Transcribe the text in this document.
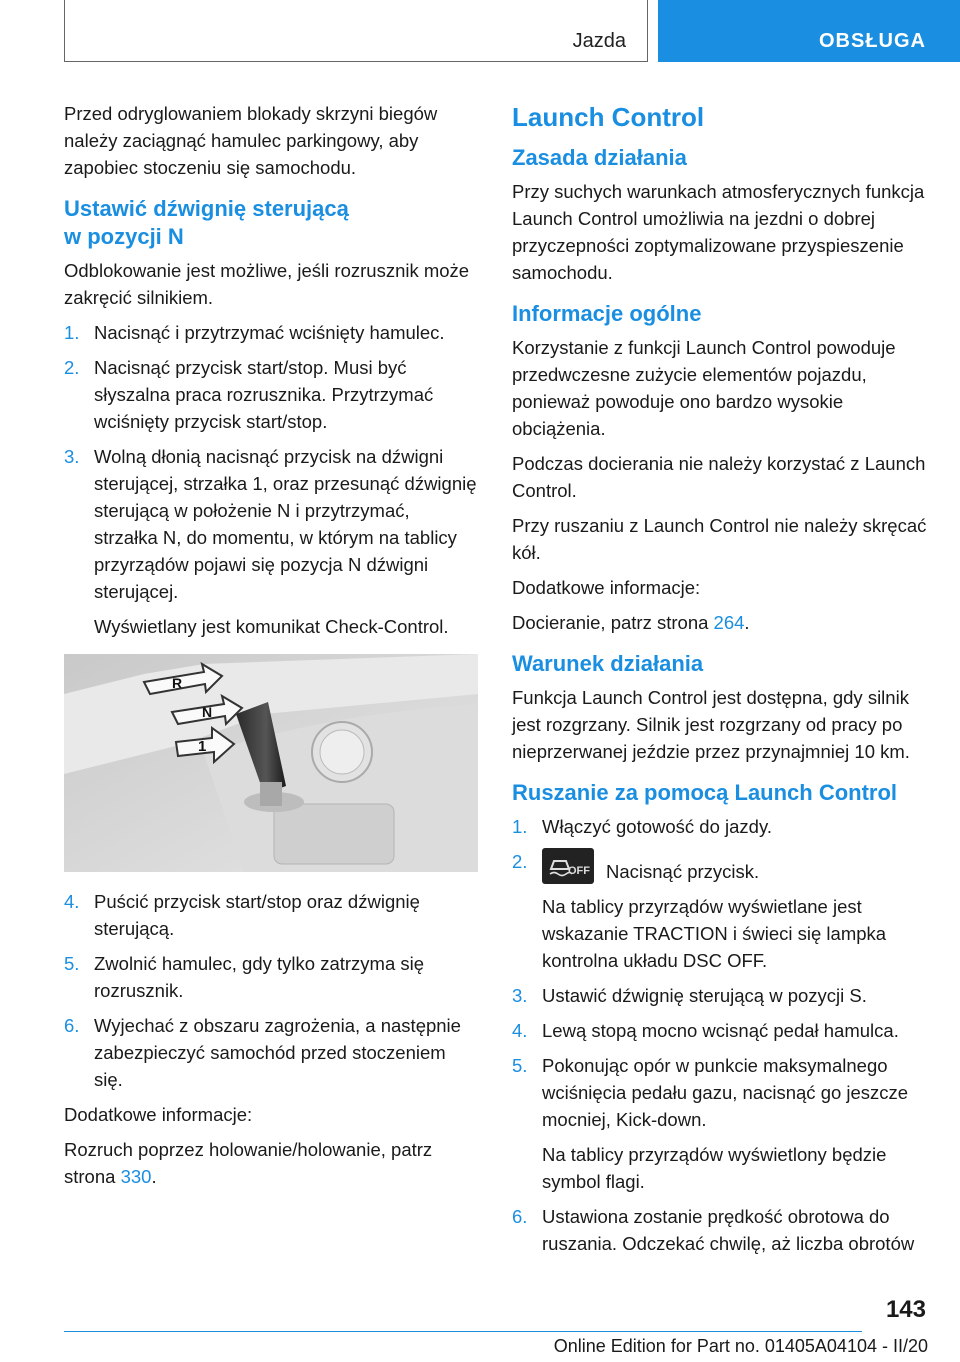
Jazda	OBSŁUGA

Przed odryglowaniem blokady skrzyni biegów należy zaciągnąć hamulec parkingowy, aby zapobiec stoczeniu się samochodu.

Ustawić dźwignię sterującą
w pozycji N

Odblokowanie jest możliwe, jeśli rozrusznik może zakręcić silnikiem.

1. Nacisnąć i przytrzymać wciśnięty hamulec.
2. Nacisnąć przycisk start/stop. Musi być słyszalna praca rozrusznika. Przytrzymać wciśnięty przycisk start/stop.
3. Wolną dłonią nacisnąć przycisk na dźwigni sterującej, strzałka 1, oraz przesunąć dźwignię sterującą w położenie N i przytrzymać, strzałka N, do momentu, w którym na tablicy przyrządów pojawi się pozycja N dźwigni sterującej.

Wyświetlany jest komunikat Check-Control.

R
N
1
4. Puścić przycisk start/stop oraz dźwignię sterującą.
5. Zwolnić hamulec, gdy tylko zatrzyma się rozrusznik.
6. Wyjechać z obszaru zagrożenia, a następnie zabezpieczyć samochód przed stoczeniem się.

Dodatkowe informacje:

Rozruch poprzez holowanie/holowanie, patrz strona 330.

Launch Control
Zasada działania

Przy suchych warunkach atmosferycznych funkcja Launch Control umożliwia na jezdni o dobrej przyczepności zoptymalizowane przyspieszenie samochodu.

Informacje ogólne

Korzystanie z funkcji Launch Control powoduje przedwczesne zużycie elementów pojazdu, ponieważ powoduje ono bardzo wysokie obciążenia.

Podczas docierania nie należy korzystać z Launch Control.

Przy ruszaniu z Launch Control nie należy skręcać kół.

Dodatkowe informacje:

Docieranie, patrz strona 264.

Warunek działania

Funkcja Launch Control jest dostępna, gdy silnik jest rozgrzany. Silnik jest rozgrzany od pracy po nieprzerwanej jeździe przez przynajmniej 10 km.

Ruszanie za pomocą Launch Control
1. Włączyć gotowość do jazdy.
2.	OFF Nacisnąć przycisk.

Na tablicy przyrządów wyświetlane jest wskazanie TRACTION i świeci się lampka kontrolna układu DSC OFF.

3. Ustawić dźwignię sterującą w pozycji S.
4. Lewą stopą mocno wcisnąć pedał hamulca.
5. Pokonując opór w punkcie maksymalnego wciśnięcia pedału gazu, nacisnąć go jeszcze mocniej, Kick-down.

Na tablicy przyrządów wyświetlony będzie symbol flagi.

6. Ustawiona zostanie prędkość obrotowa do ruszania. Odczekać chwilę, aż liczba obrotów
143
Online Edition for Part no. 01405A04104 - II/20
